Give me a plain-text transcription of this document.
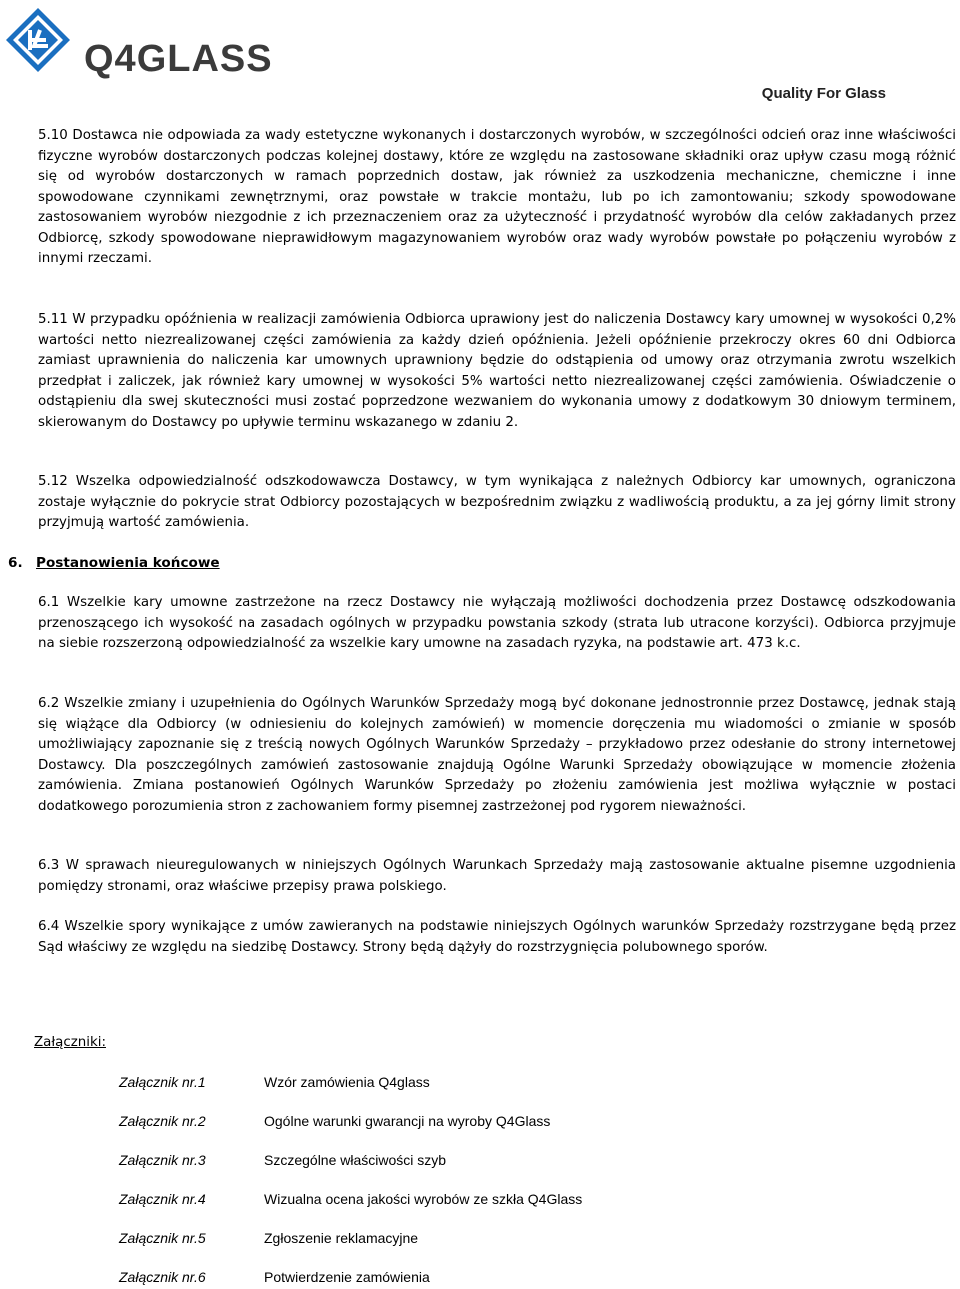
Q4GLASS
Quality For Glass

5.10 Dostawca nie odpowiada za wady estetyczne wykonanych i dostarczonych wyrobów, w szczególności odcień oraz inne właściwości fizyczne wyrobów dostarczonych podczas kolejnej dostawy, które ze względu na zastosowane składniki oraz upływ czasu mogą różnić się od wyrobów dostarczonych w ramach poprzednich dostaw, jak również za uszkodzenia mechaniczne, chemiczne i inne spowodowane czynnikami zewnętrznymi, oraz powstałe w trakcie montażu, lub po ich zamontowaniu; szkody spowodowane zastosowaniem wyrobów niezgodnie z ich przeznaczeniem oraz za użyteczność i przydatność wyrobów dla celów zakładanych przez Odbiorcę, szkody spowodowane nieprawidłowym magazynowaniem wyrobów oraz wady wyrobów powstałe po połączeniu wyrobów z innymi rzeczami.

5.11 W przypadku opóźnienia w realizacji zamówienia Odbiorca uprawiony jest do naliczenia Dostawcy kary umownej w wysokości 0,2% wartości netto niezrealizowanej części zamówienia za każdy dzień opóźnienia. Jeżeli opóźnienie przekroczy okres 60 dni Odbiorca zamiast uprawnienia do naliczenia kar umownych uprawniony będzie do odstąpienia od umowy oraz otrzymania zwrotu wszelkich przedpłat i zaliczek, jak również kary umownej w wysokości 5% wartości netto niezrealizowanej części zamówienia. Oświadczenie o odstąpieniu dla swej skuteczności musi zostać poprzedzone wezwaniem do wykonania umowy z dodatkowym 30 dniowym terminem, skierowanym do Dostawcy po upływie terminu wskazanego w zdaniu 2.

5.12 Wszelka odpowiedzialność odszkodowawcza Dostawcy, w tym wynikająca z należnych Odbiorcy kar umownych, ograniczona zostaje wyłącznie do pokrycie strat Odbiorcy pozostających w bezpośrednim związku z wadliwością produktu, a za jej górny limit strony przyjmują wartość zamówienia.

6. Postanowienia końcowe

6.1 Wszelkie kary umowne zastrzeżone na rzecz Dostawcy nie wyłączają możliwości dochodzenia przez Dostawcę odszkodowania przenoszącego ich wysokość na zasadach ogólnych w przypadku powstania szkody (strata lub utracone korzyści). Odbiorca przyjmuje na siebie rozszerzoną odpowiedzialność za wszelkie kary umowne na zasadach ryzyka, na podstawie art. 473 k.c.

6.2 Wszelkie zmiany i uzupełnienia do Ogólnych Warunków Sprzedaży mogą być dokonane jednostronnie przez Dostawcę, jednak stają się wiążące dla Odbiorcy (w odniesieniu do kolejnych zamówień) w momencie doręczenia mu wiadomości o zmianie w sposób umożliwiający zapoznanie się z treścią nowych Ogólnych Warunków Sprzedaży – przykładowo przez odesłanie do strony internetowej Dostawcy. Dla poszczególnych zamówień zastosowanie znajdują Ogólne Warunki Sprzedaży obowiązujące w momencie złożenia zamówienia. Zmiana postanowień Ogólnych Warunków Sprzedaży po złożeniu zamówienia jest możliwa wyłącznie w postaci dodatkowego porozumienia stron z zachowaniem formy pisemnej zastrzeżonej pod rygorem nieważności.

6.3 W sprawach nieuregulowanych w niniejszych Ogólnych Warunkach Sprzedaży mają zastosowanie aktualne pisemne uzgodnienia pomiędzy stronami, oraz właściwe przepisy prawa polskiego.

6.4 Wszelkie spory wynikające z umów zawieranych na podstawie niniejszych Ogólnych warunków Sprzedaży rozstrzygane będą przez Sąd właściwy ze względu na siedzibę Dostawcy. Strony będą dążyły do rozstrzygnięcia polubownego sporów.

Załączniki:

Załącznik nr.1	Wzór zamówienia Q4glass
Załącznik nr.2	Ogólne warunki gwarancji na wyroby Q4Glass
Załącznik nr.3	Szczególne właściwości szyb
Załącznik nr.4	Wizualna ocena jakości wyrobów ze szkła Q4Glass
Załącznik nr.5	Zgłoszenie reklamacyjne
Załącznik nr.6	Potwierdzenie zamówienia
